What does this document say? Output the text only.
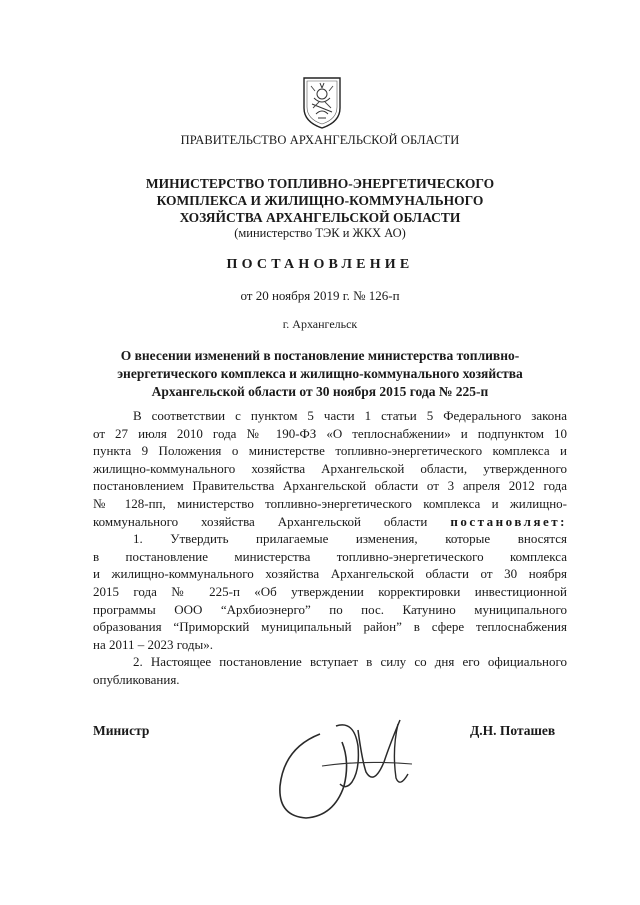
ПРАВИТЕЛЬСТВО АРХАНГЕЛЬСКОЙ ОБЛАСТИ
МИНИСТЕРСТВО ТОПЛИВНО-ЭНЕРГЕТИЧЕСКОГО
КОМПЛЕКСА И ЖИЛИЩНО-КОММУНАЛЬНОГО
ХОЗЯЙСТВА АРХАНГЕЛЬСКОЙ ОБЛАСТИ
(министерство ТЭК и ЖКХ АО)
ПОСТАНОВЛЕНИЕ
от 20 ноября 2019 г. № 126-п
г. Архангельск
О внесении изменений в постановление министерства топливно-
энергетического комплекса и жилищно-коммунального хозяйства
Архангельской области от 30 ноября 2015 года № 225-п
В соответствии с пунктом 5 части 1 статьи 5 Федерального закона
от 27 июля 2010 года № 190-ФЗ «О теплоснабжении» и подпунктом 10
пункта 9 Положения о министерстве топливно-энергетического комплекса и
жилищно-коммунального хозяйства Архангельской области, утвержденного
постановлением Правительства Архангельской области от 3 апреля 2012 года
№ 128-пп, министерство топливно-энергетического комплекса и жилищно-
коммунального хозяйства Архангельской области постановляет:
1. Утвердить прилагаемые изменения, которые вносятся
в постановление министерства топливно-энергетического комплекса
и жилищно-коммунального хозяйства Архангельской области от 30 ноября
2015 года № 225-п «Об утверждении корректировки инвестиционной
программы ООО “Архбиоэнерго” по пос. Катунино муниципального
образования “Приморский муниципальный район” в сфере теплоснабжения
на 2011 – 2023 годы».
2. Настоящее постановление вступает в силу со дня его официального
опубликования.
Министр	Д.Н. Поташев
